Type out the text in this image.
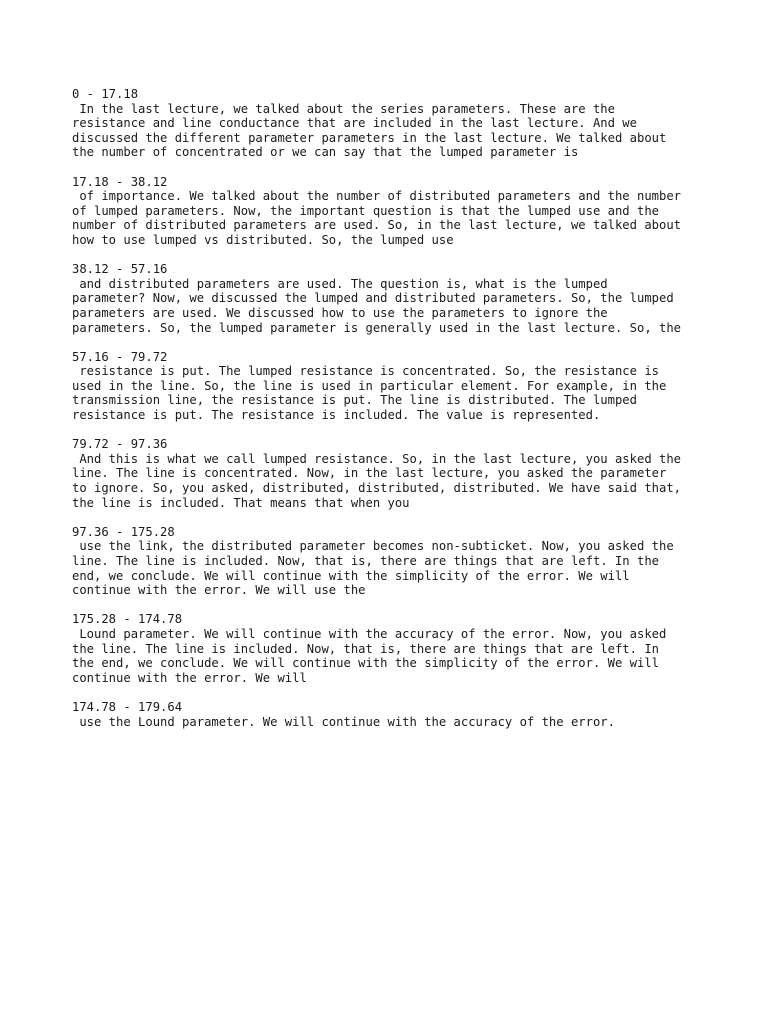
0 - 17.18
In the last lecture, we talked about the series parameters. These are the
resistance and line conductance that are included in the last lecture. And we
discussed the different parameter parameters in the last lecture. We talked about
the number of concentrated or we can say that the lumped parameter is
17.18 - 38.12
of importance. We talked about the number of distributed parameters and the number
of lumped parameters. Now, the important question is that the lumped use and the
number of distributed parameters are used. So, in the last lecture, we talked about
how to use lumped vs distributed. So, the lumped use
38.12 - 57.16
and distributed parameters are used. The question is, what is the lumped
parameter? Now, we discussed the lumped and distributed parameters. So, the lumped
parameters are used. We discussed how to use the parameters to ignore the
parameters. So, the lumped parameter is generally used in the last lecture. So, the
57.16 - 79.72
resistance is put. The lumped resistance is concentrated. So, the resistance is
used in the line. So, the line is used in particular element. For example, in the
transmission line, the resistance is put. The line is distributed. The lumped
resistance is put. The resistance is included. The value is represented.
79.72 - 97.36
And this is what we call lumped resistance. So, in the last lecture, you asked the
line. The line is concentrated. Now, in the last lecture, you asked the parameter
to ignore. So, you asked, distributed, distributed, distributed. We have said that,
the line is included. That means that when you
97.36 - 175.28
use the link, the distributed parameter becomes non-subticket. Now, you asked the
line. The line is included. Now, that is, there are things that are left. In the
end, we conclude. We will continue with the simplicity of the error. We will
continue with the error. We will use the
175.28 - 174.78
Lound parameter. We will continue with the accuracy of the error. Now, you asked
the line. The line is included. Now, that is, there are things that are left. In
the end, we conclude. We will continue with the simplicity of the error. We will
continue with the error. We will
174.78 - 179.64
use the Lound parameter. We will continue with the accuracy of the error.
